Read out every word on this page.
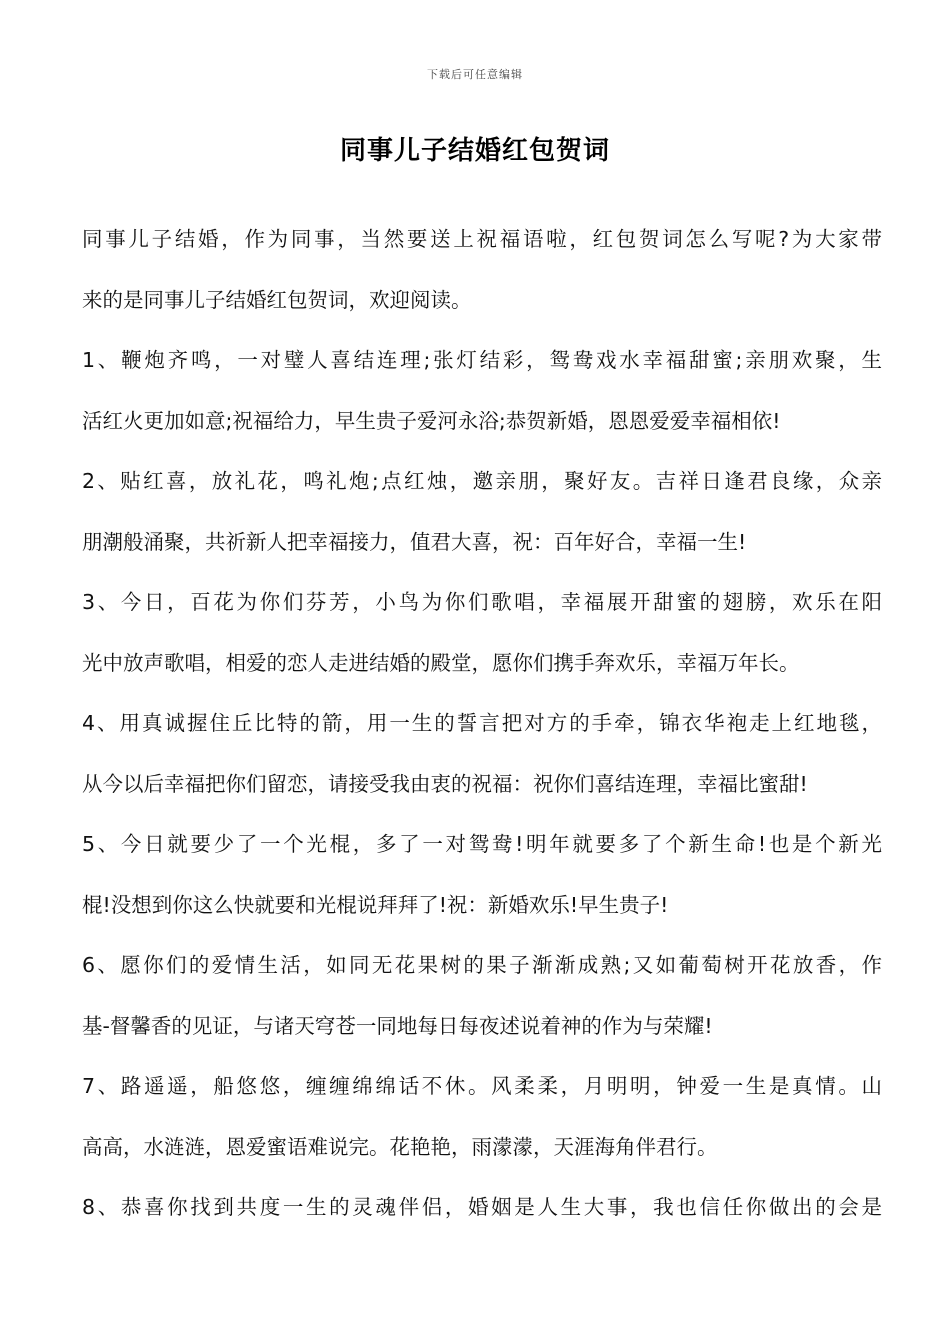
下载后可任意编辑
同事儿子结婚红包贺词
同事儿子结婚，作为同事，当然要送上祝福语啦，红包贺词怎么写呢?为大家带
来的是同事儿子结婚红包贺词，欢迎阅读。
1、鞭炮齐鸣，一对璧人喜结连理;张灯结彩，鸳鸯戏水幸福甜蜜;亲朋欢聚，生
活红火更加如意;祝福给力，早生贵子爱河永浴;恭贺新婚，恩恩爱爱幸福相依!
2、贴红喜，放礼花，鸣礼炮;点红烛，邀亲朋，聚好友。吉祥日逢君良缘，众亲
朋潮般涌聚，共祈新人把幸福接力，值君大喜，祝：百年好合，幸福一生!
3、今日，百花为你们芬芳，小鸟为你们歌唱，幸福展开甜蜜的翅膀，欢乐在阳
光中放声歌唱，相爱的恋人走进结婚的殿堂，愿你们携手奔欢乐，幸福万年长。
4、用真诚握住丘比特的箭，用一生的誓言把对方的手牵，锦衣华袍走上红地毯，
从今以后幸福把你们留恋，请接受我由衷的祝福：祝你们喜结连理，幸福比蜜甜!
5、今日就要少了一个光棍，多了一对鸳鸯!明年就要多了个新生命!也是个新光
棍!没想到你这么快就要和光棍说拜拜了!祝：新婚欢乐!早生贵子!
6、愿你们的爱情生活，如同无花果树的果子渐渐成熟;又如葡萄树开花放香，作
基-督馨香的见证，与诸天穹苍一同地每日每夜述说着神的作为与荣耀!
7、路遥遥，船悠悠，缠缠绵绵话不休。风柔柔，月明明，钟爱一生是真情。山
高高，水涟涟，恩爱蜜语难说完。花艳艳，雨濛濛，天涯海角伴君行。
8、恭喜你找到共度一生的灵魂伴侣，婚姻是人生大事，我也信任你做出的会是
